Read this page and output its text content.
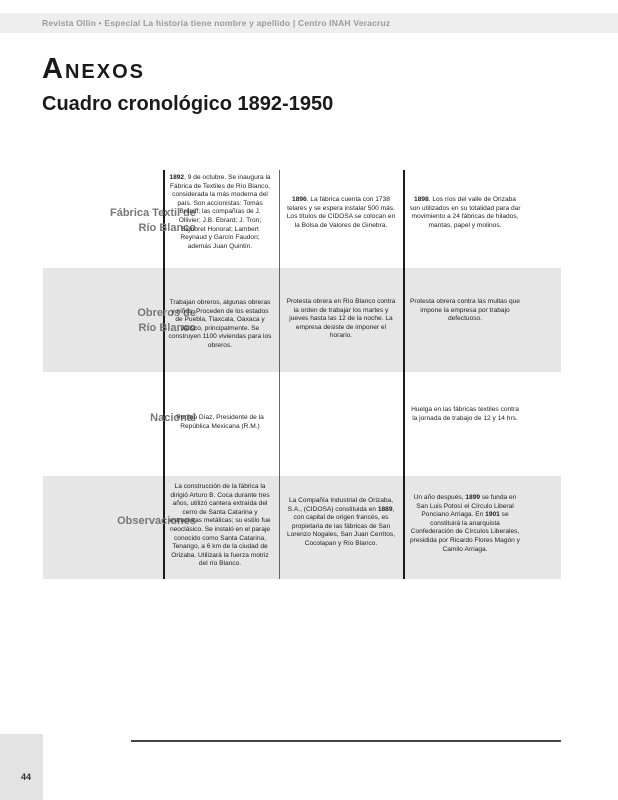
Revista Ollin • Especial La historia tiene nombre y apellido | Centro INAH Veracruz
Anexos
Cuadro cronológico 1892-1950
Fábrica Textil de
Río Blanco
1892, 9 de octubre. Se inaugura la Fábrica de Textiles de Río Blanco, considerada la más moderna del país. Son accionistas: Tomás Braniff; las compañías de J. Ollivier; J.B. Ebrard; J. Tron; Signoret Honorat; Lambert Reynaud y Garcín Faudon; además Juan Quintín.
1896. La fábrica cuenta con 1738 telares y se espera instalar 500 más. Los títulos de CIDOSA se colocan en la Bolsa de Valores de Ginebra.
1898. Los ríos del valle de Orizaba son utilizados en su totalidad para dar movimiento a 24 fábricas de hilados, mantas, papel y molinos.
Obreros de
Río Blanco
Trabajan obreros, algunas obreras y niños. Proceden de los estados de Puebla, Tlaxcala, Oaxaca y Jalisco, principalmente. Se construyen 1100 viviendas para los obreros.
Protesta obrera en Río Blanco contra la orden de trabajar los martes y jueves hasta las 12 de la noche. La empresa desiste de imponer el horario.
Protesta obrera contra las multas que impone la empresa por trabajo defectuoso.
Nacional
Porfirio Díaz, Presidente de la República Mexicana (R.M.)
Huelga en las fábricas textiles contra la jornada de trabajo de 12 y 14 hrs.
Observaciones
La construcción de la fábrica la dirigió Arturo B. Coca durante tres años, utilizó cantera extraída del cerro de Santa Catarina y estructuras metálicas; su estilo fue neoclásico. Se instaló en el paraje conocido como Santa Catarina, Tenango, a 6 km de la ciudad de Orizaba. Utilizará la fuerza motriz del río Blanco.
La Compañía Industrial de Orizaba, S.A., (CIDOSA) constituida en 1889, con capital de origen francés, es propietaria de las fábricas de San Lorenzo Nogales, San Juan Cerritos, Cocolapan y Río Blanco.
Un año después, 1899 se funda en San Luis Potosí el Círculo Liberal Ponciano Arriaga. En 1901 se constituirá la anarquista Confederación de Círculos Liberales, presidida por Ricardo Flores Magón y Camilo Arriaga.
44
